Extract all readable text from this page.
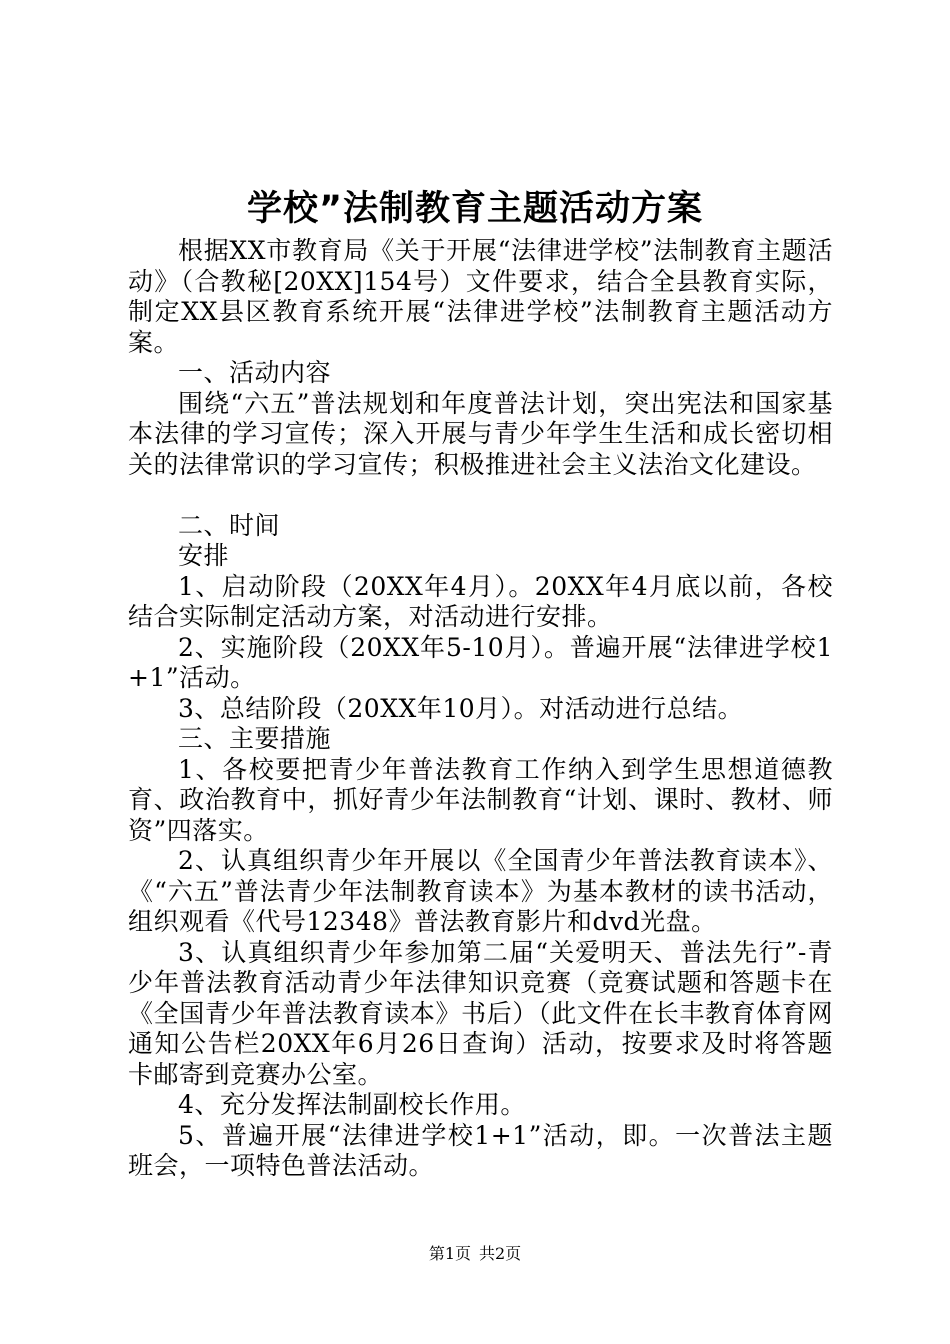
学校”法制教育主题活动方案

根据XX市教育局《关于开展“法律进学校”法制教育主题活动》（合教秘[20XX]154号）文件要求，结合全县教育实际，制定XX县区教育系统开展“法律进学校”法制教育主题活动方案。

一、活动内容

围绕“六五”普法规划和年度普法计划，突出宪法和国家基本法律的学习宣传；深入开展与青少年学生生活和成长密切相关的法律常识的学习宣传；积极推进社会主义法治文化建设。

二、时间

安排

1、启动阶段（20XX年4月）。20XX年4月底以前，各校结合实际制定活动方案，对活动进行安排。

2、实施阶段（20XX年5-10月）。普遍开展“法律进学校1+1”活动。

3、总结阶段（20XX年10月）。对活动进行总结。

三、主要措施

1、各校要把青少年普法教育工作纳入到学生思想道德教育、政治教育中，抓好青少年法制教育“计划、课时、教材、师资”四落实。

2、认真组织青少年开展以《全国青少年普法教育读本》、《“六五”普法青少年法制教育读本》为基本教材的读书活动，组织观看《代号12348》普法教育影片和dvd光盘。

3、认真组织青少年参加第二届“关爱明天、普法先行”-青少年普法教育活动青少年法律知识竞赛（竞赛试题和答题卡在《全国青少年普法教育读本》书后）（此文件在长丰教育体育网通知公告栏20XX年6月26日查询）活动，按要求及时将答题卡邮寄到竞赛办公室。

4、充分发挥法制副校长作用。

5、普遍开展“法律进学校1+1”活动，即。一次普法主题班会，一项特色普法活动。

第1页 共2页
